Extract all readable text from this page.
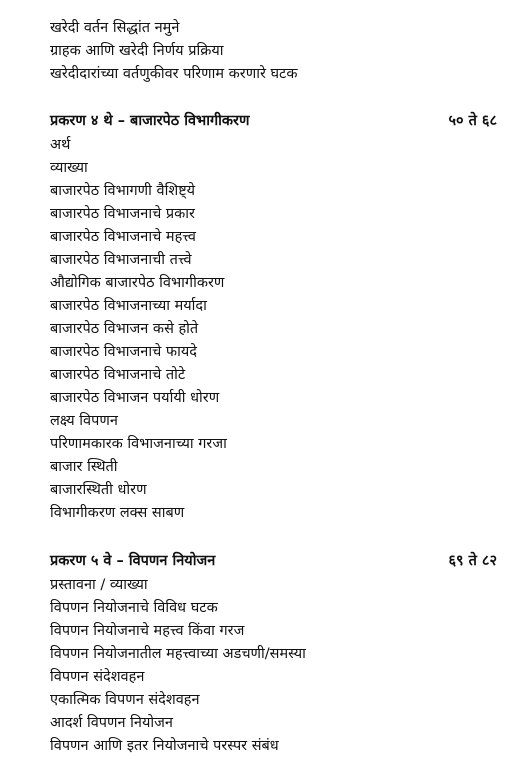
खरेदी वर्तन सिद्धांत नमुने
ग्राहक आणि खरेदी निर्णय प्रक्रिया
खरेदीदारांच्या वर्तणुकीवर परिणाम करणारे घटक
प्रकरण ४ थे – बाजारपेठ विभागीकरण	५० ते ६८
अर्थ
व्याख्या
बाजारपेठ विभागणी वैशिष्ट्ये
बाजारपेठ विभाजनाचे प्रकार
बाजारपेठ विभाजनाचे महत्त्व
बाजारपेठ विभाजनाची तत्त्वे
औद्योगिक बाजारपेठ विभागीकरण
बाजारपेठ विभाजनाच्या मर्यादा
बाजारपेठ विभाजन कसे होते
बाजारपेठ विभाजनाचे फायदे
बाजारपेठ विभाजनाचे तोटे
बाजारपेठ विभाजन पर्यायी धोरण
लक्ष्य विपणन
परिणामकारक विभाजनाच्या गरजा
बाजार स्थिती
बाजारस्थिती धोरण
विभागीकरण लक्स साबण
प्रकरण ५ वे – विपणन नियोजन	६९ ते ८२
प्रस्तावना / व्याख्या
विपणन नियोजनाचे विविध घटक
विपणन नियोजनाचे महत्त्व किंवा गरज
विपणन नियोजनातील महत्त्वाच्या अडचणी/समस्या
विपणन संदेशवहन
एकात्मिक विपणन संदेशवहन
आदर्श विपणन नियोजन
विपणन आणि इतर नियोजनाचे परस्पर संबंध
